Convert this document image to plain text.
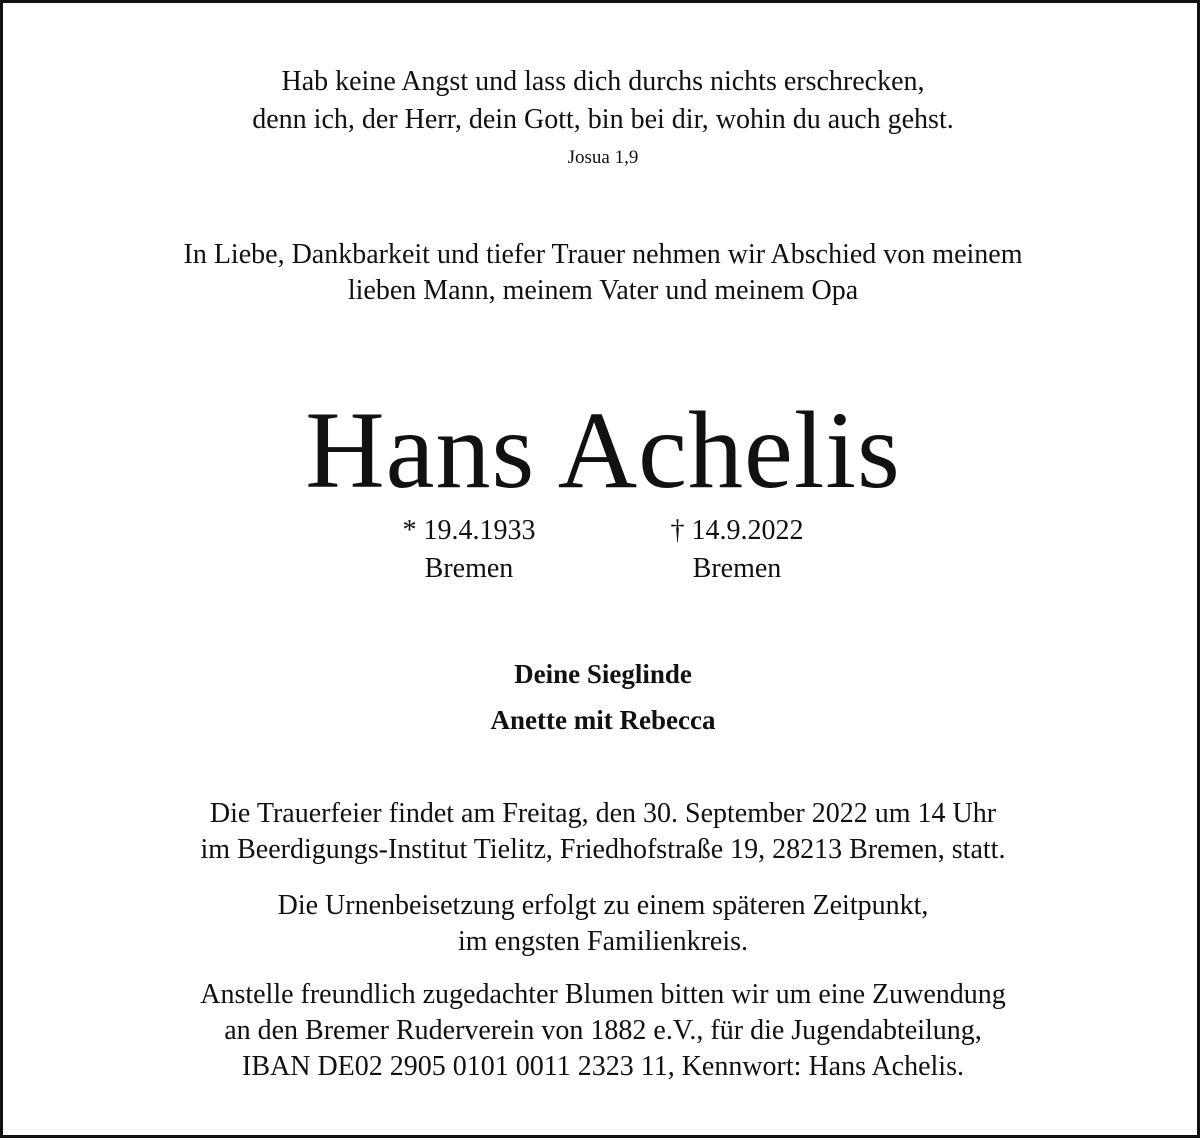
Hab keine Angst und lass dich durchs nichts erschrecken,
denn ich, der Herr, dein Gott, bin bei dir, wohin du auch gehst.
Josua 1,9
In Liebe, Dankbarkeit und tiefer Trauer nehmen wir Abschied von meinem
lieben Mann, meinem Vater und meinem Opa
Hans Achelis
* 19.4.1933
Bremen
† 14.9.2022
Bremen
Deine Sieglinde
Anette mit Rebecca
Die Trauerfeier findet am Freitag, den 30. September 2022 um 14 Uhr
im Beerdigungs-Institut Tielitz, Friedhofstraße 19, 28213 Bremen, statt.
Die Urnenbeisetzung erfolgt zu einem späteren Zeitpunkt,
im engsten Familienkreis.
Anstelle freundlich zugedachter Blumen bitten wir um eine Zuwendung
an den Bremer Ruderverein von 1882 e.V., für die Jugendabteilung,
IBAN DE02 2905 0101 0011 2323 11, Kennwort: Hans Achelis.
